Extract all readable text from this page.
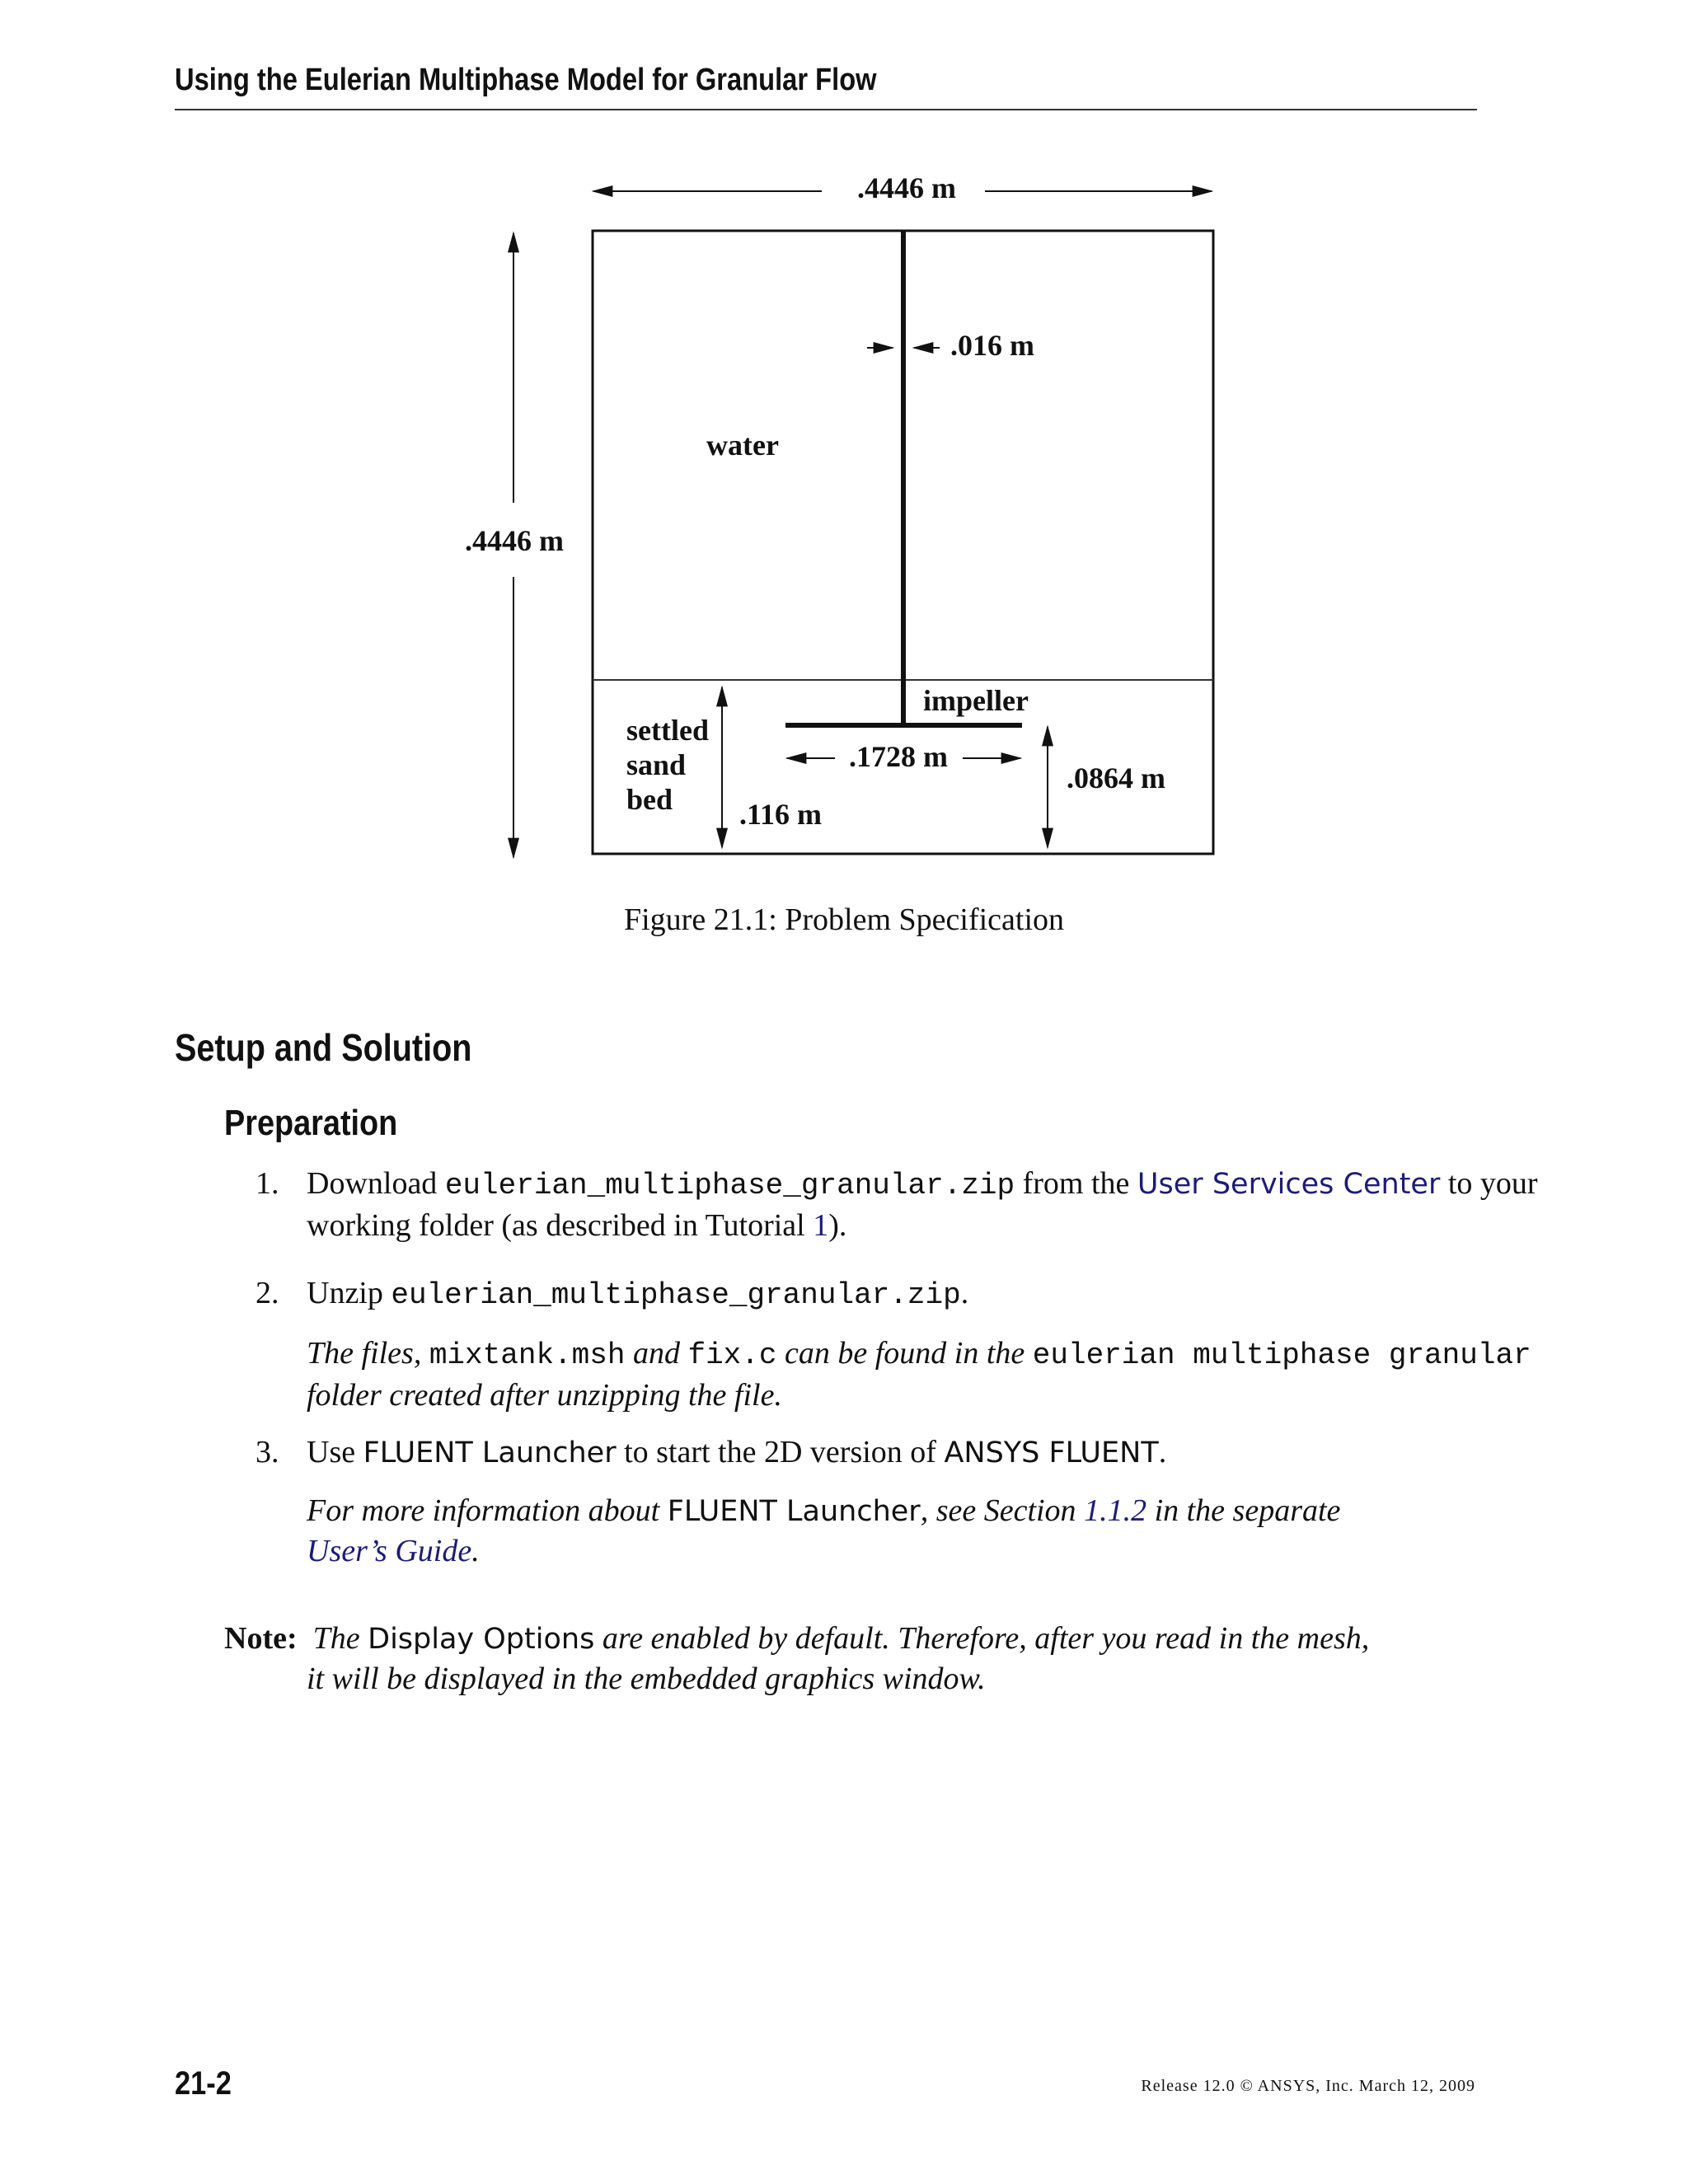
Using the Eulerian Multiphase Model for Granular Flow
.4446 m
.4446 m
.016 m
water
impeller
settled
sand
bed .116 m
.1728 m
.0864 m
Figure 21.1: Problem Specification
Setup and Solution
Preparation
1. Download eulerian_multiphase_granular.zip from the User Services Center to your working folder (as described in Tutorial 1).
2. Unzip eulerian_multiphase_granular.zip.
The files, mixtank.msh and fix.c can be found in the eulerian multiphase granular
folder created after unzipping the file.
3. Use FLUENT Launcher to start the 2D version of ANSYS FLUENT.
For more information about FLUENT Launcher, see Section 1.1.2 in the separate
User’s Guide.
Note: The Display Options are enabled by default. Therefore, after you read in the mesh,
it will be displayed in the embedded graphics window.
21-2	Release 12.0 © ANSYS, Inc. March 12, 2009
